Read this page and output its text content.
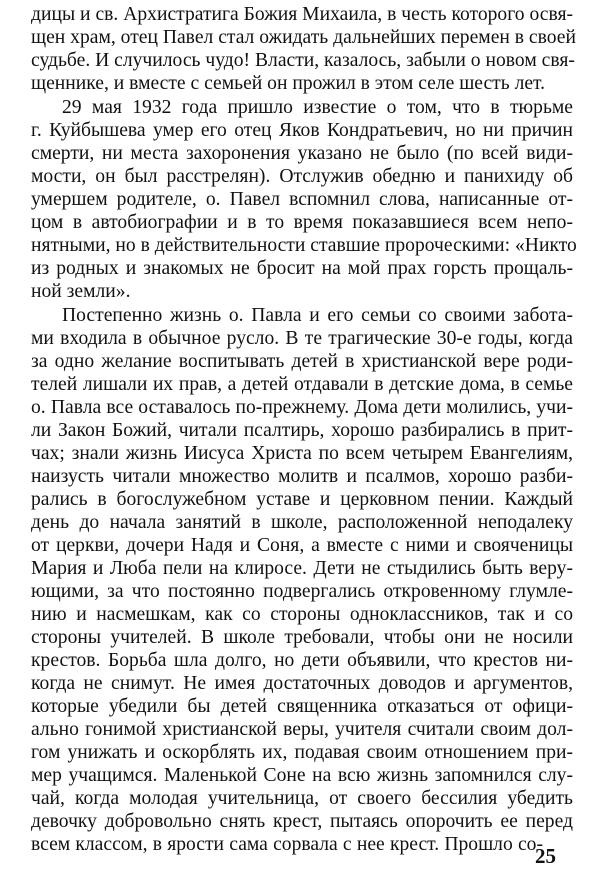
дицы и св. Архистратига Божия Михаила, в честь которого освя-
щен храм, отец Павел стал ожидать дальнейших перемен в своей
судьбе. И случилось чудо! Власти, казалось, забыли о новом свя-
щеннике, и вместе с семьей он прожил в этом селе шесть лет.
29 мая 1932 года пришло известие о том, что в тюрьме
г. Куйбышева умер его отец Яков Кондратьевич, но ни причин
смерти, ни места захоронения указано не было (по всей види-
мости, он был расстрелян). Отслужив обедню и панихиду об
умершем родителе, о. Павел вспомнил слова, написанные от-
цом в автобиографии и в то время показавшиеся всем непо-
нятными, но в действительности ставшие пророческими: «Никто
из родных и знакомых не бросит на мой прах горсть прощаль-
ной земли».
Постепенно жизнь о. Павла и его семьи со своими забота-
ми входила в обычное русло. В те трагические 30-е годы, когда
за одно желание воспитывать детей в христианской вере роди-
телей лишали их прав, а детей отдавали в детские дома, в семье
о. Павла все оставалось по-прежнему. Дома дети молились, учи-
ли Закон Божий, читали псалтирь, хорошо разбирались в прит-
чах; знали жизнь Иисуса Христа по всем четырем Евангелиям,
наизусть читали множество молитв и псалмов, хорошо разби-
рались в богослужебном уставе и церковном пении. Каждый
день до начала занятий в школе, расположенной неподалеку
от церкви, дочери Надя и Соня, а вместе с ними и свояченицы
Мария и Люба пели на клиросе. Дети не стыдились быть веру-
ющими, за что постоянно подвергались откровенному глумле-
нию и насмешкам, как со стороны одноклассников, так и со
стороны учителей. В школе требовали, чтобы они не носили
крестов. Борьба шла долго, но дети объявили, что крестов ни-
когда не снимут. Не имея достаточных доводов и аргументов,
которые убедили бы детей священника отказаться от офици-
ально гонимой христианской веры, учителя считали своим дол-
гом унижать и оскорблять их, подавая своим отношением при-
мер учащимся. Маленькой Соне на всю жизнь запомнился слу-
чай, когда молодая учительница, от своего бессилия убедить
девочку добровольно снять крест, пытаясь опорочить ее перед
всем классом, в ярости сама сорвала с нее крест. Прошло со-
25
